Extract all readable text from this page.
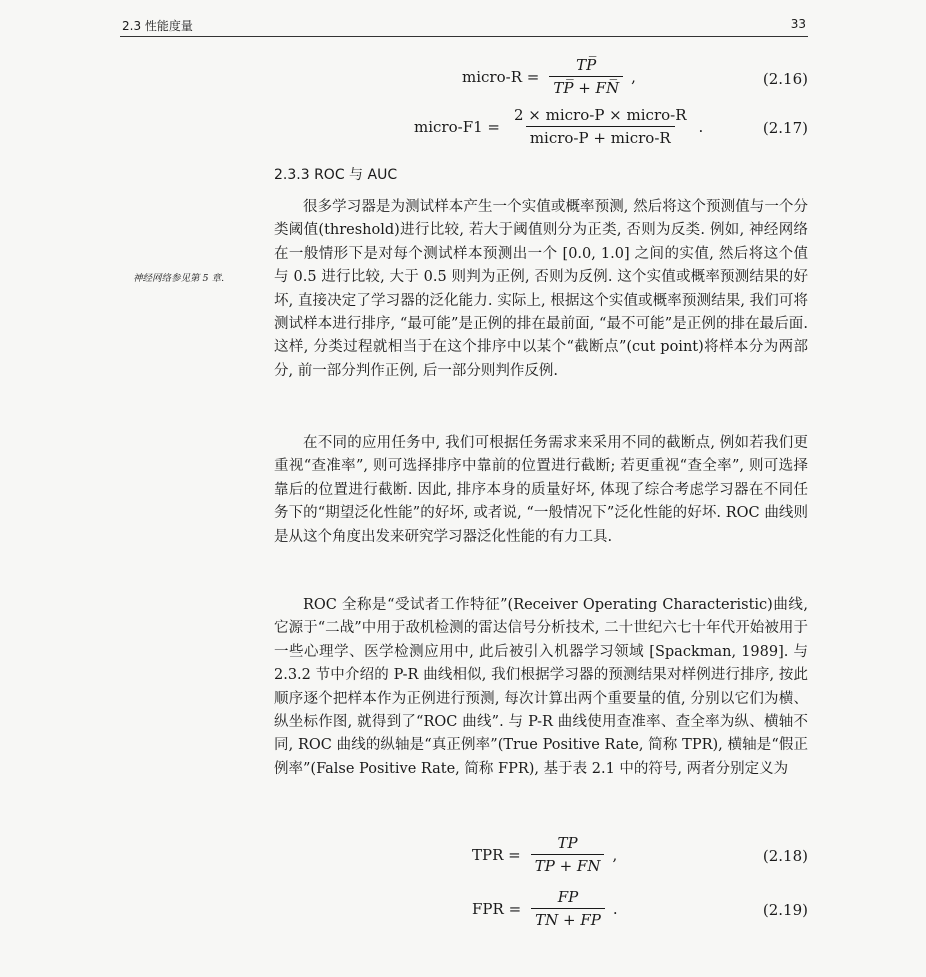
2.3 性能度量	33
micro-R = $\frac{TP̅}{TP̅ + FN̅}$ ,	(2.16)
micro-F1 = $\frac{\text{2 × micro-P × micro-R}}{\text{micro-P + micro-R}}$ .	(2.17)
2.3.3 ROC 与 AUC
神经网络参见第 5 章.

很多学习器是为测试样本产生一个实值或概率预测, 然后将这个预测值与一个分类阈值(threshold)进行比较, 若大于阈值则分为正类, 否则为反类. 例如, 神经网络在一般情形下是对每个测试样本预测出一个 [0.0, 1.0] 之间的实值, 然后将这个值与 0.5 进行比较, 大于 0.5 则判为正例, 否则为反例. 这个实值或概率预测结果的好坏, 直接决定了学习器的泛化能力. 实际上, 根据这个实值或概率预测结果, 我们可将测试样本进行排序, “最可能”是正例的排在最前面, “最不可能”是正例的排在最后面. 这样, 分类过程就相当于在这个排序中以某个“截断点”(cut point)将样本分为两部分, 前一部分判作正例, 后一部分则判作反例.

在不同的应用任务中, 我们可根据任务需求来采用不同的截断点, 例如若我们更重视“查准率”, 则可选择排序中靠前的位置进行截断; 若更重视“查全率”, 则可选择靠后的位置进行截断. 因此, 排序本身的质量好坏, 体现了综合考虑学习器在不同任务下的“期望泛化性能”的好坏, 或者说, “一般情况下”泛化性能的好坏. ROC 曲线则是从这个角度出发来研究学习器泛化性能的有力工具.

ROC 全称是“受试者工作特征”(Receiver Operating Characteristic)曲线, 它源于“二战”中用于敌机检测的雷达信号分析技术, 二十世纪六七十年代开始被用于一些心理学、医学检测应用中, 此后被引入机器学习领域 [Spackman, 1989]. 与 2.3.2 节中介绍的 P-R 曲线相似, 我们根据学习器的预测结果对样例进行排序, 按此顺序逐个把样本作为正例进行预测, 每次计算出两个重要量的值, 分别以它们为横、纵坐标作图, 就得到了“ROC 曲线”. 与 P-R 曲线使用查准率、查全率为纵、横轴不同, ROC 曲线的纵轴是“真正例率”(True Positive Rate, 简称 TPR), 横轴是“假正例率”(False Positive Rate, 简称 FPR), 基于表 2.1 中的符号, 两者分别定义为

TPR = $\frac{TP}{TP + FN}$ ,	(2.18)
FPR = $\frac{FP}{TN + FP}$ .	(2.19)
